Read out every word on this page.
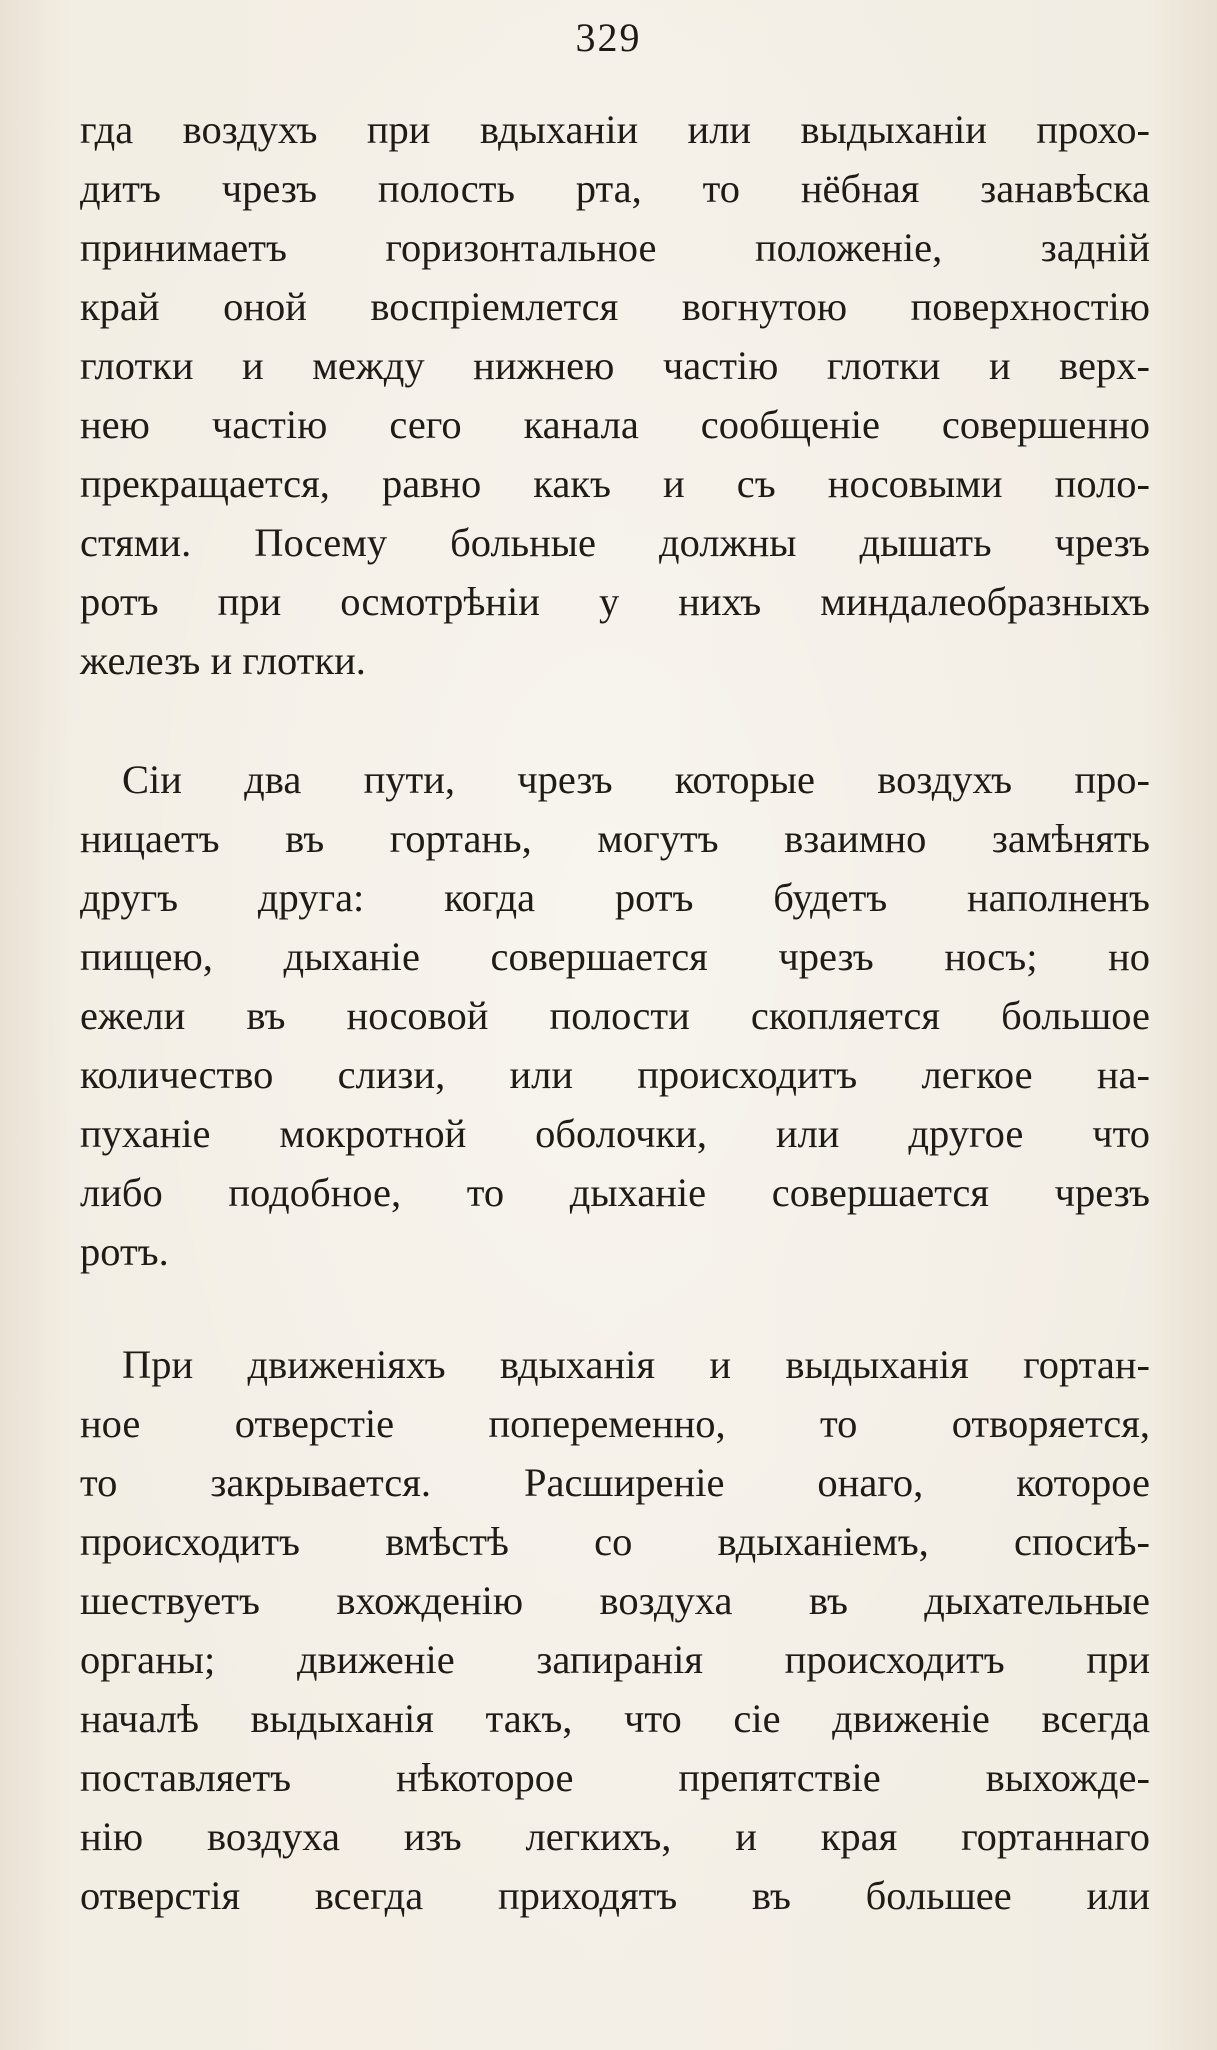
329
гда воздухъ при вдыханіи или выдыханіи прохо-
дитъ чрезъ полость рта, то нёбная занавѣска
принимаетъ горизонтальное положеніе, задній
край оной воспріемлется вогнутою поверхностію
глотки и между нижнею частію глотки и верх-
нею частію сего канала сообщеніе совершенно
прекращается, равно какъ и съ носовыми поло-
стями. Посему больные должны дышать чрезъ
ротъ при осмотрѣніи у нихъ миндалеобразныхъ
железъ и глотки.
Сіи два пути, чрезъ которые воздухъ про-
ницаетъ въ гортань, могутъ взаимно замѣнять
другъ друга: когда ротъ будетъ наполненъ
пищею, дыханіе совершается чрезъ носъ; но
ежели въ носовой полости скопляется большое
количество слизи, или происходитъ легкое на-
пуханіе мокротной оболочки, или другое что
либо подобное, то дыханіе совершается чрезъ
ротъ.
При движеніяхъ вдыханія и выдыханія гортан-
ное отверстіе попеременно, то отворяется,
то закрывается. Расширеніе онаго, которое
происходитъ вмѣстѣ со вдыханіемъ, спосиѣ-
шествуетъ вхожденію воздуха въ дыхательные
органы; движеніе запиранія происходитъ при
началѣ выдыханія такъ, что сіе движеніе всегда
поставляетъ нѣкоторое препятствіе выхожде-
нію воздуха изъ легкихъ, и края гортаннаго
отверстія всегда приходятъ въ большее или
